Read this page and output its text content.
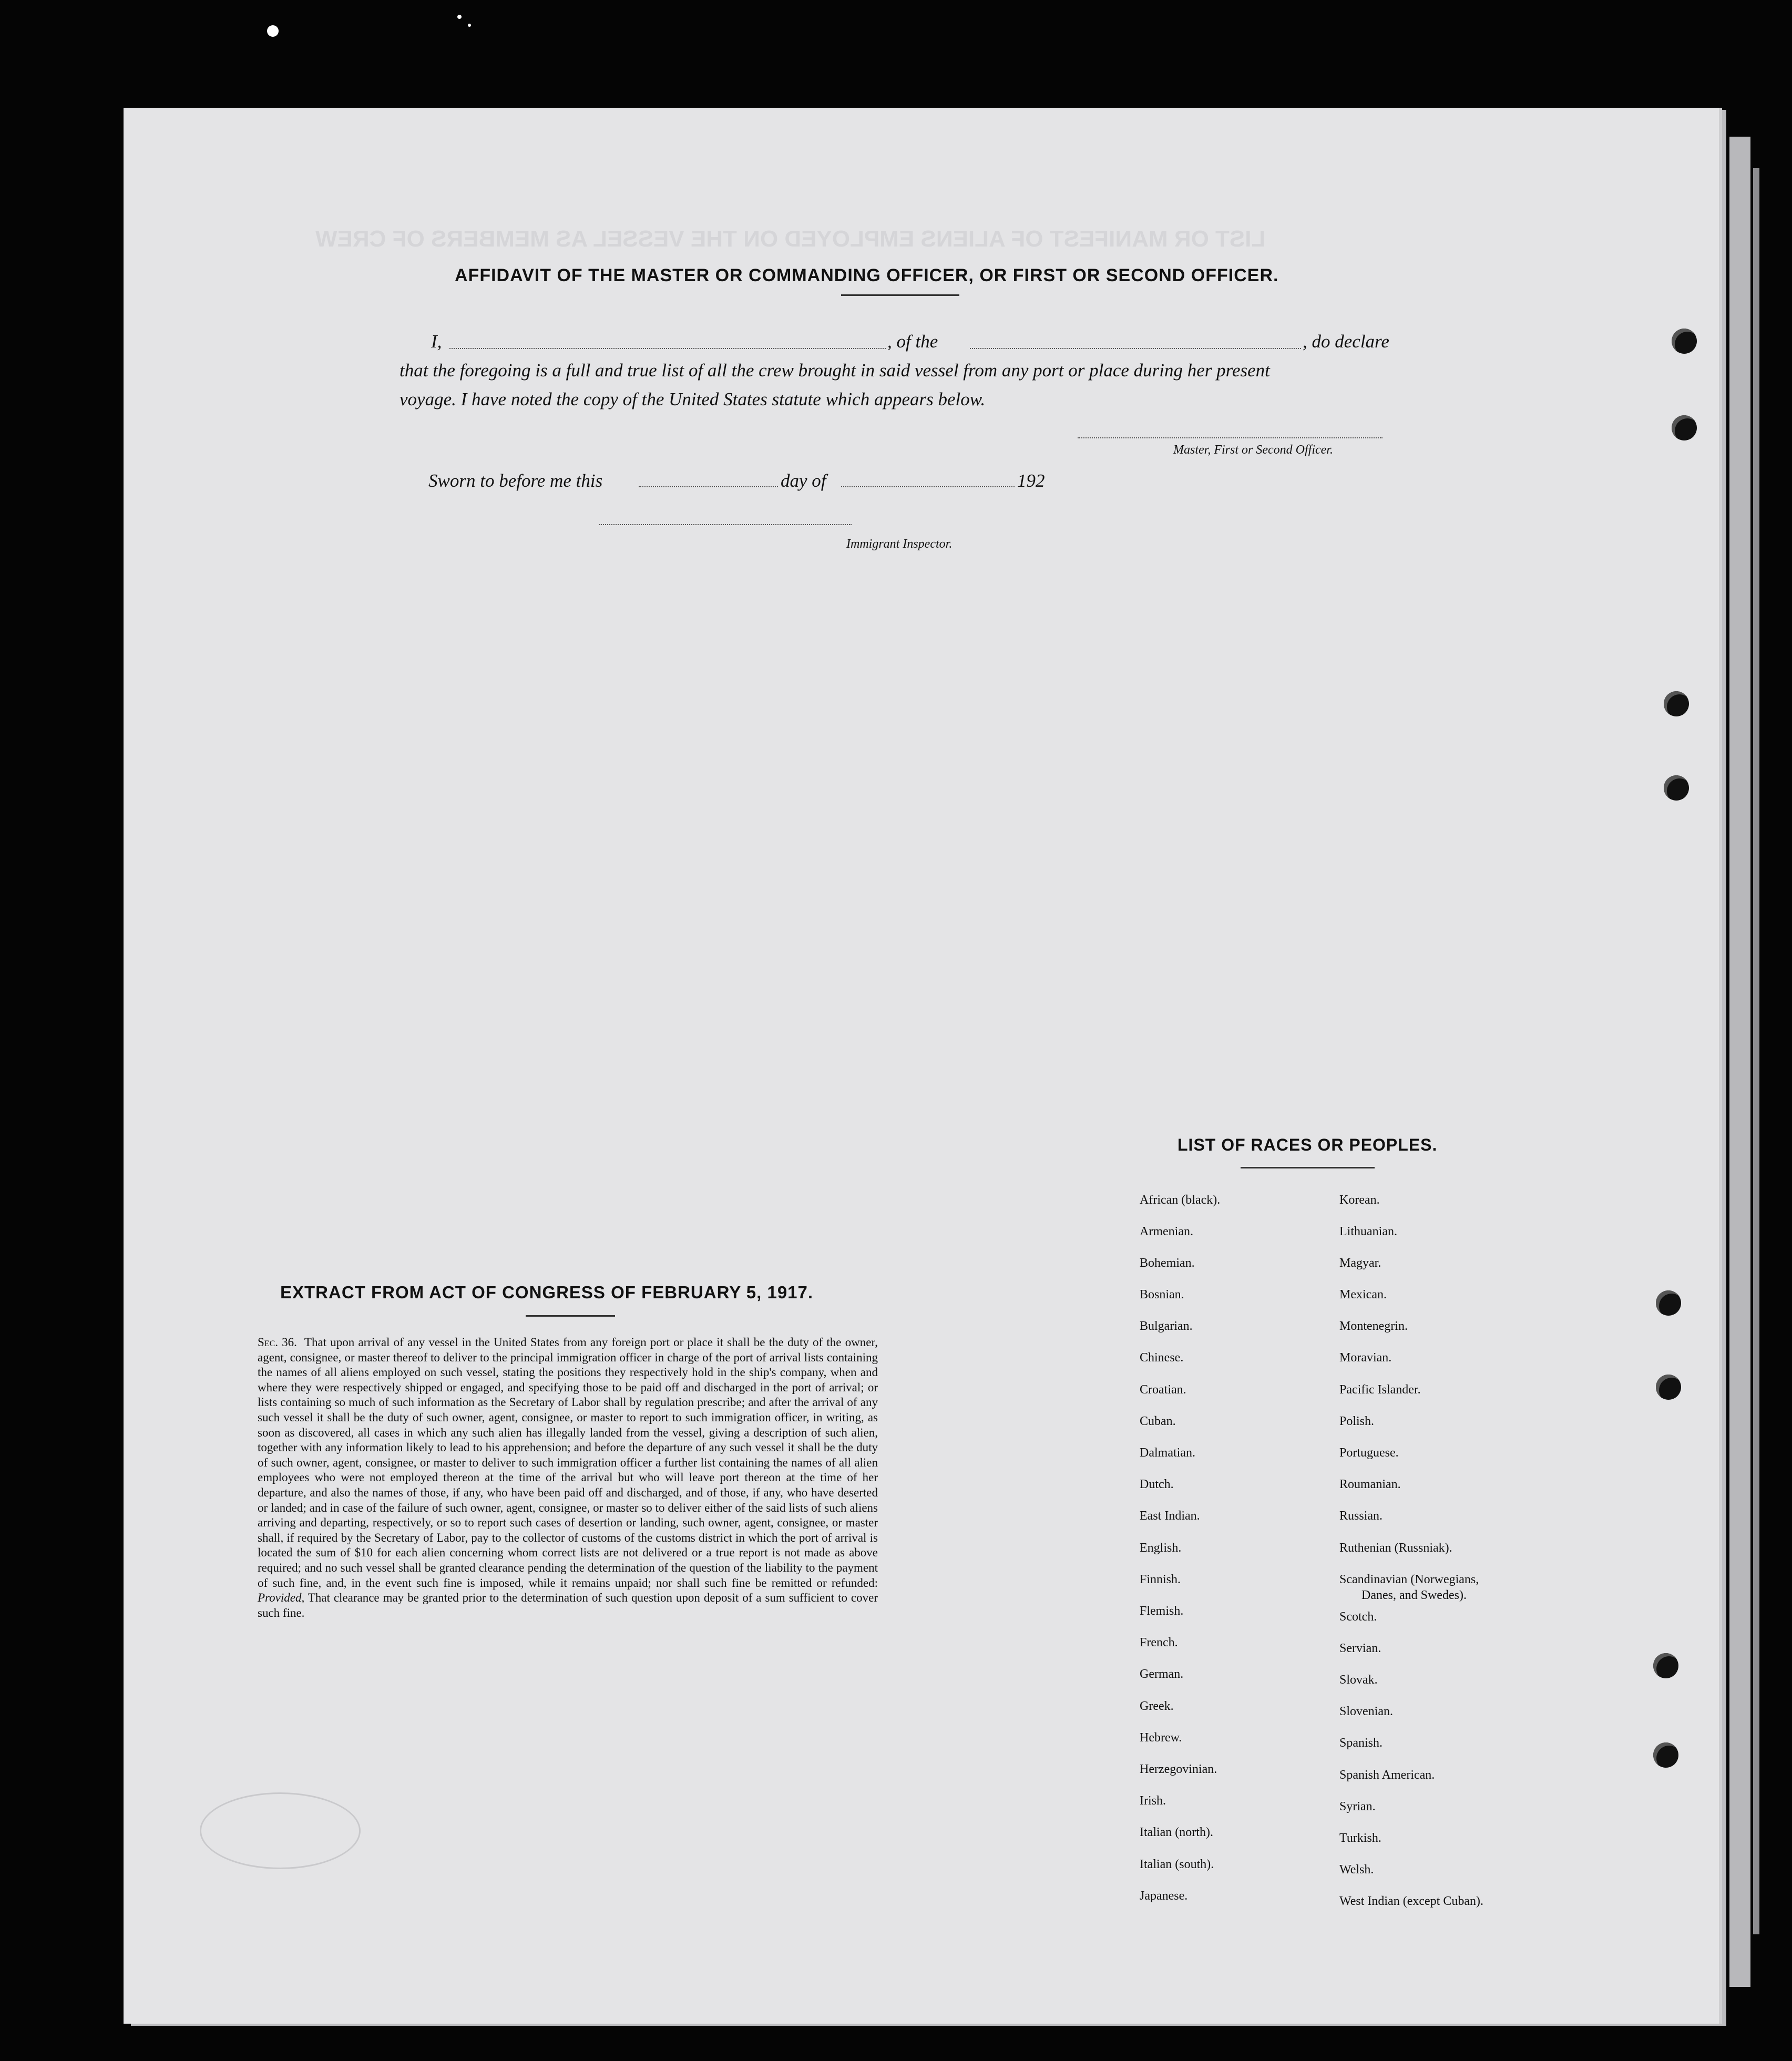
LIST OR MANIFEST OF ALIENS EMPLOYED ON THE VESSEL AS MEMBERS OF CREW
AFFIDAVIT OF THE MASTER OR COMMANDING OFFICER, OR FIRST OR SECOND OFFICER.
I,	, of the	, do declare
that the foregoing is a full and true list of all the crew brought in said vessel from any port or place during her present
voyage. I have noted the copy of the United States statute which appears below.
Master, First or Second Officer.
Sworn to before me this	day of	192
Immigrant Inspector.
EXTRACT FROM ACT OF CONGRESS OF FEBRUARY 5, 1917.
Sec. 36. That upon arrival of any vessel in the United States from any foreign port or place it shall be the duty of the owner, agent, consignee, or master thereof to deliver to the principal immigration officer in charge of the port of arrival lists containing the names of all aliens employed on such vessel, stating the positions they respectively hold in the ship's company, when and where they were respectively shipped or engaged, and specifying those to be paid off and discharged in the port of arrival; or lists containing so much of such information as the Secretary of Labor shall by regulation prescribe; and after the arrival of any such vessel it shall be the duty of such owner, agent, consignee, or master to report to such immigration officer, in writing, as soon as discovered, all cases in which any such alien has illegally landed from the vessel, giving a description of such alien, together with any information likely to lead to his apprehension; and before the departure of any such vessel it shall be the duty of such owner, agent, consignee, or master to deliver to such immigration officer a further list containing the names of all alien employees who were not employed thereon at the time of the arrival but who will leave port thereon at the time of her departure, and also the names of those, if any, who have been paid off and discharged, and of those, if any, who have deserted or landed; and in case of the failure of such owner, agent, consignee, or master so to deliver either of the said lists of such aliens arriving and departing, respectively, or so to report such cases of desertion or landing, such owner, agent, consignee, or master shall, if required by the Secretary of Labor, pay to the collector of customs of the customs district in which the port of arrival is located the sum of $10 for each alien concerning whom correct lists are not delivered or a true report is not made as above required; and no such vessel shall be granted clearance pending the determination of the question of the liability to the payment of such fine, and, in the event such fine is imposed, while it remains unpaid; nor shall such fine be remitted or refunded: Provided, That clearance may be granted prior to the determination of such question upon deposit of a sum sufficient to cover such fine.
LIST OF RACES OR PEOPLES.
African (black).
Armenian.
Bohemian.
Bosnian.
Bulgarian.
Chinese.
Croatian.
Cuban.
Dalmatian.
Dutch.
East Indian.
English.
Finnish.
Flemish.
French.
German.
Greek.
Hebrew.
Herzegovinian.
Irish.
Italian (north).
Italian (south).
Japanese.
Korean.
Lithuanian.
Magyar.
Mexican.
Montenegrin.
Moravian.
Pacific Islander.
Polish.
Portuguese.
Roumanian.
Russian.
Ruthenian (Russniak).
Scandinavian (Norwegians,
Danes, and Swedes).
Scotch.
Servian.
Slovak.
Slovenian.
Spanish.
Spanish American.
Syrian.
Turkish.
Welsh.
West Indian (except Cuban).
